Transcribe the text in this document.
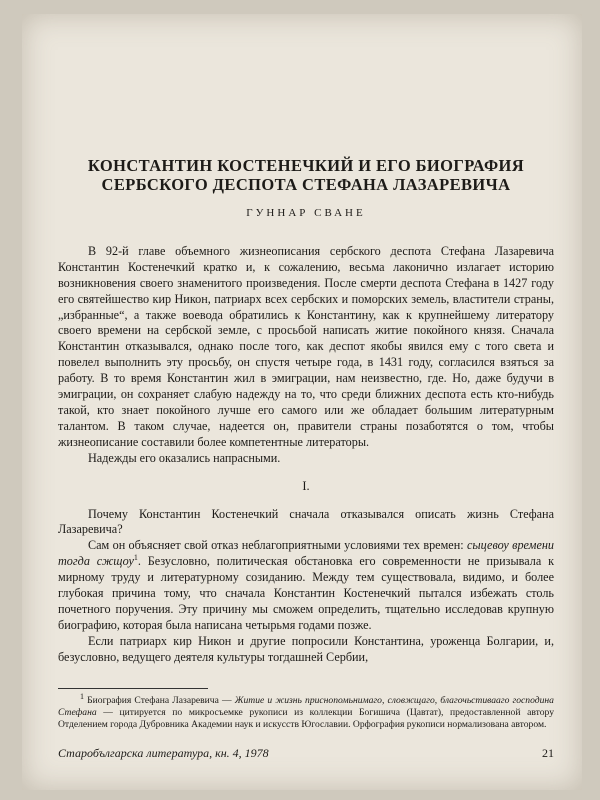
КОНСТАНТИН КОСТЕНЕЧКИЙ И ЕГО БИОГРАФИЯ
СЕРБСКОГО ДЕСПОТА СТЕФАНА ЛАЗАРЕВИЧА
ГУННАР СВАНЕ

В 92-й главе объемного жизнеописания сербского деспота Стефана Лазаревича Константин Костенечкий кратко и, к сожалению, весьма лаконично излагает историю возникновения своего знаменитого произведения. После смерти деспота Стефана в 1427 году его святейшество кир Никон, патриарх всех сербских и поморских земель, властители страны, „избранные“, а также воевода обратились к Константину, как к крупнейшему литератору своего времени на сербской земле, с просьбой написать житие покойного князя. Сначала Константин отказывался, однако после того, как деспот якобы явился ему с того света и повелел выполнить эту просьбу, он спустя четыре года, в 1431 году, согласился взяться за работу. В то время Константин жил в эмиграции, нам неизвестно, где. Но, даже будучи в эмиграции, он сохраняет слабую надежду на то, что среди ближних деспота есть кто-нибудь такой, кто знает покойного лучше его самого или же обладает большим литературным талантом. В таком случае, надеется он, правители страны позаботятся о том, чтобы жизнеописание составили более компетентные литераторы.

Надежды его оказались напрасными.

I.

Почему Константин Костенечкий сначала отказывался описать жизнь Стефана Лазаревича?

Сам он объясняет свой отказ неблагоприятными условиями тех времен: сыцевоу времени тогда сжщоу$^1$. Безусловно, политическая обстановка его современности не призывала к мирному труду и литературному созиданию. Между тем существовала, видимо, и более глубокая причина тому, что сначала Константин Костенечкий пытался избежать столь почетного поручения. Эту причину мы сможем определить, тщательно исследовав крупную биографию, которая была написана четырьмя годами позже.

Если патриарх кир Никон и другие попросили Константина, уроженца Болгарии, и, безусловно, ведущего деятеля культуры тогдашней Сербии,

$^1$ Биография Стефана Лазаревича — Житие и жизнь приснопомьнимаго, словжщаго, благочьстивааго господина Стефана — цитируется по микросъемке рукописи из коллекции Богишича (Цавтат), предоставленной автору Отделением города Дубровника Академии наук и искусств Югославии. Орфография рукописи нормализована автором.

Старобългарска литература, кн. 4, 1978	21
